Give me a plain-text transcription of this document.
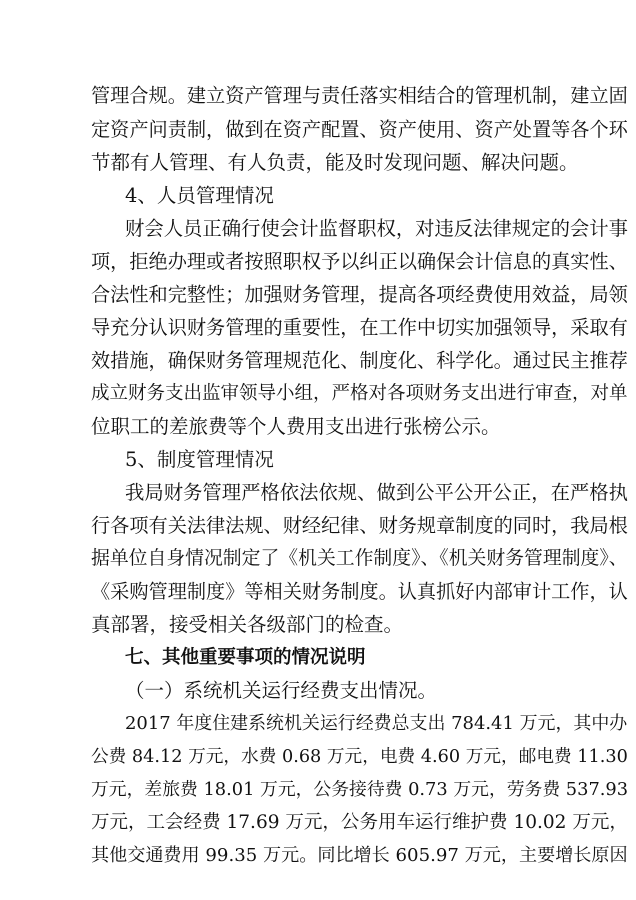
管理合规。建立资产管理与责任落实相结合的管理机制，建立固
定资产问责制，做到在资产配置、资产使用、资产处置等各个环
节都有人管理、有人负责，能及时发现问题、解决问题。
4、人员管理情况
财会人员正确行使会计监督职权，对违反法律规定的会计事
项，拒绝办理或者按照职权予以纠正以确保会计信息的真实性、
合法性和完整性；加强财务管理，提高各项经费使用效益，局领
导充分认识财务管理的重要性，在工作中切实加强领导，采取有
效措施，确保财务管理规范化、制度化、科学化。通过民主推荐
成立财务支出监审领导小组，严格对各项财务支出进行审查，对单
位职工的差旅费等个人费用支出进行张榜公示。
5、制度管理情况
我局财务管理严格依法依规、做到公平公开公正，在严格执
行各项有关法律法规、财经纪律、财务规章制度的同时，我局根
据单位自身情况制定了《机关工作制度》、《机关财务管理制度》、
《采购管理制度》等相关财务制度。认真抓好内部审计工作，认
真部署，接受相关各级部门的检查。
七、其他重要事项的情况说明
（一）系统机关运行经费支出情况。
2017 年度住建系统机关运行经费总支出 784.41 万元，其中办
公费 84.12 万元，水费 0.68 万元，电费 4.60 万元，邮电费 11.30
万元，差旅费 18.01 万元，公务接待费 0.73 万元，劳务费 537.93
万元，工会经费 17.69 万元，公务用车运行维护费 10.02 万元，
其他交通费用 99.35 万元。同比增长 605.97 万元，主要增长原因
